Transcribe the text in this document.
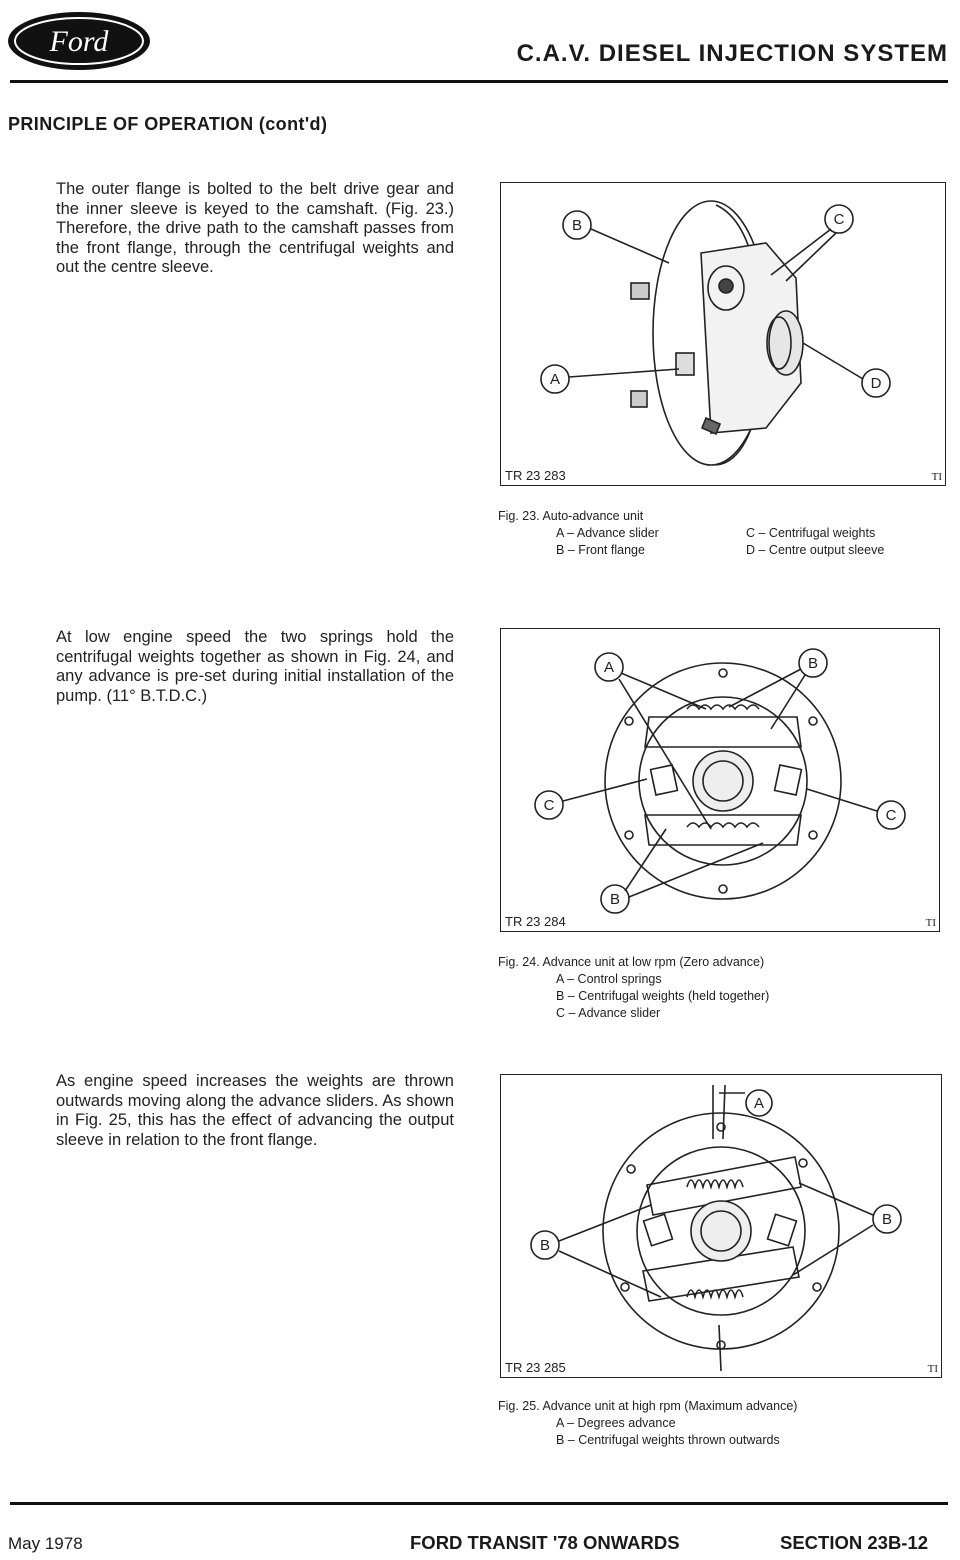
Ford	C.A.V. DIESEL INJECTION SYSTEM
PRINCIPLE OF OPERATION (cont'd)
The outer flange is bolted to the belt drive gear and the inner sleeve is keyed to the camshaft. (Fig. 23.) Therefore, the drive path to the camshaft passes from the front flange, through the centrifugal weights and out the centre sleeve.
At low engine speed the two springs hold the centrifugal weights together as shown in Fig. 24, and any advance is pre-set during initial installation of the pump. (11° B.T.D.C.)
As engine speed increases the weights are thrown outwards moving along the advance sliders. As shown in Fig. 25, this has the effect of advancing the output sleeve in relation to the front flange.
B	C
A	D
TR 23 283	TI
Fig. 23. Auto-advance unit
A – Advance slider
B – Front flange
C – Centrifugal weights
D – Centre output sleeve
A	B
C
C
B
TR 23 284	TI
Fig. 24. Advance unit at low rpm (Zero advance)
A – Control springs
B – Centrifugal weights (held together)
C – Advance slider
A
B
B
TR 23 285	TI
Fig. 25. Advance unit at high rpm (Maximum advance)
A – Degrees advance
B – Centrifugal weights thrown outwards
May 1978	FORD TRANSIT '78 ONWARDS	SECTION 23B-12
